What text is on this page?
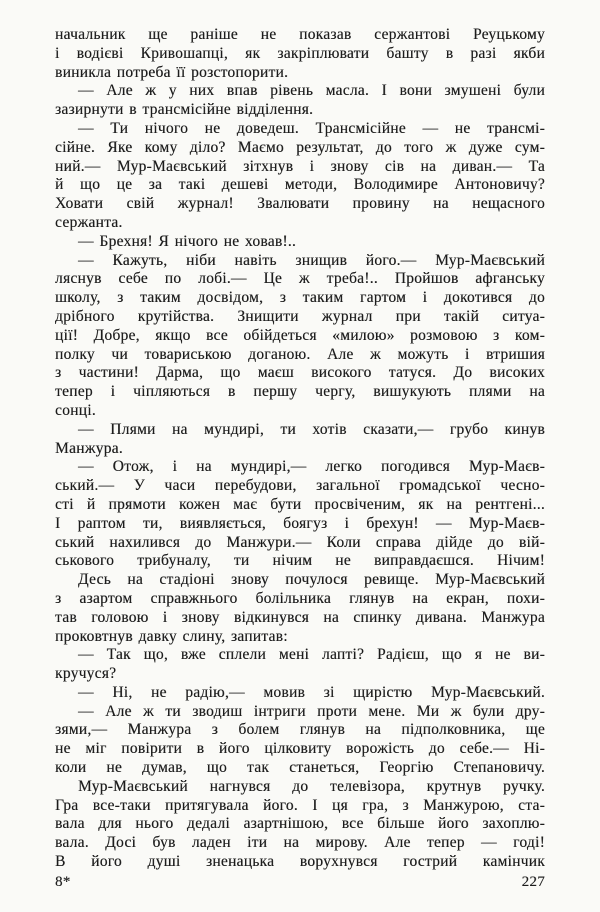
начальник ще раніше не показав сержантові Реуцькому
і водієві Кривошапці, як закріплювати башту в разі якби
виникла потреба її розстопорити.
— Але ж у них впав рівень масла. І вони змушені були
зазирнути в трансмісійне відділення.
— Ти нічого не доведеш. Трансмісійне — не трансмі-
сійне. Яке кому діло? Маємо результат, до того ж дуже сум-
ний.— Мур-Маєвський зітхнув і знову сів на диван.— Та
й що це за такі дешеві методи, Володимире Антоновичу?
Ховати свій журнал! Звалювати провину на нещасного
сержанта.
— Брехня! Я нічого не ховав!..
— Кажуть, ніби навіть знищив його.— Мур-Маєвський
ляснув себе по лобі.— Це ж треба!.. Пройшов афганську
школу, з таким досвідом, з таким гартом і докотився до
дрібного крутійства. Знищити журнал при такій ситуа-
ції! Добре, якщо все обійдеться «милою» розмовою з ком-
полку чи товариською доганою. Але ж можуть і втришия
з частини! Дарма, що маєш високого татуся. До високих
тепер і чіпляються в першу чергу, вишукують плями на
сонці.
— Плями на мундирі, ти хотів сказати,— грубо кинув
Манжура.
— Отож, і на мундирі,— легко погодився Мур-Маєв-
ський.— У часи перебудови, загальної громадської чесно-
сті й прямоти кожен має бути просвіченим, як на рентгені...
І раптом ти, виявляється, боягуз і брехун! — Мур-Маєв-
ський нахилився до Манжури.— Коли справа дійде до вій-
ськового трибуналу, ти нічим не виправдаєшся. Нічим!
Десь на стадіоні знову почулося ревище. Мур-Маєвський
з азартом справжнього болільника глянув на екран, похи-
тав головою і знову відкинувся на спинку дивана. Манжура
проковтнув давку слину, запитав:
— Так що, вже сплели мені лапті? Радієш, що я не ви-
кручуся?
— Ні, не радію,— мовив зі щирістю Мур-Маєвський.
— Але ж ти зводиш інтриги проти мене. Ми ж були дру-
зями,— Манжура з болем глянув на підполковника, ще
не міг повірити в його цілковиту ворожість до себе.— Ні-
коли не думав, що так станеться, Георгію Степановичу.
Мур-Маєвський нагнувся до телевізора, крутнув ручку.
Гра все-таки притягувала його. І ця гра, з Манжурою, ста-
вала для нього дедалі азартнішою, все більше його захоплю-
вала. Досі був ладен іти на мирову. Але тепер — годі!
В його душі зненацька ворухнувся гострий камінчик
8*	227
